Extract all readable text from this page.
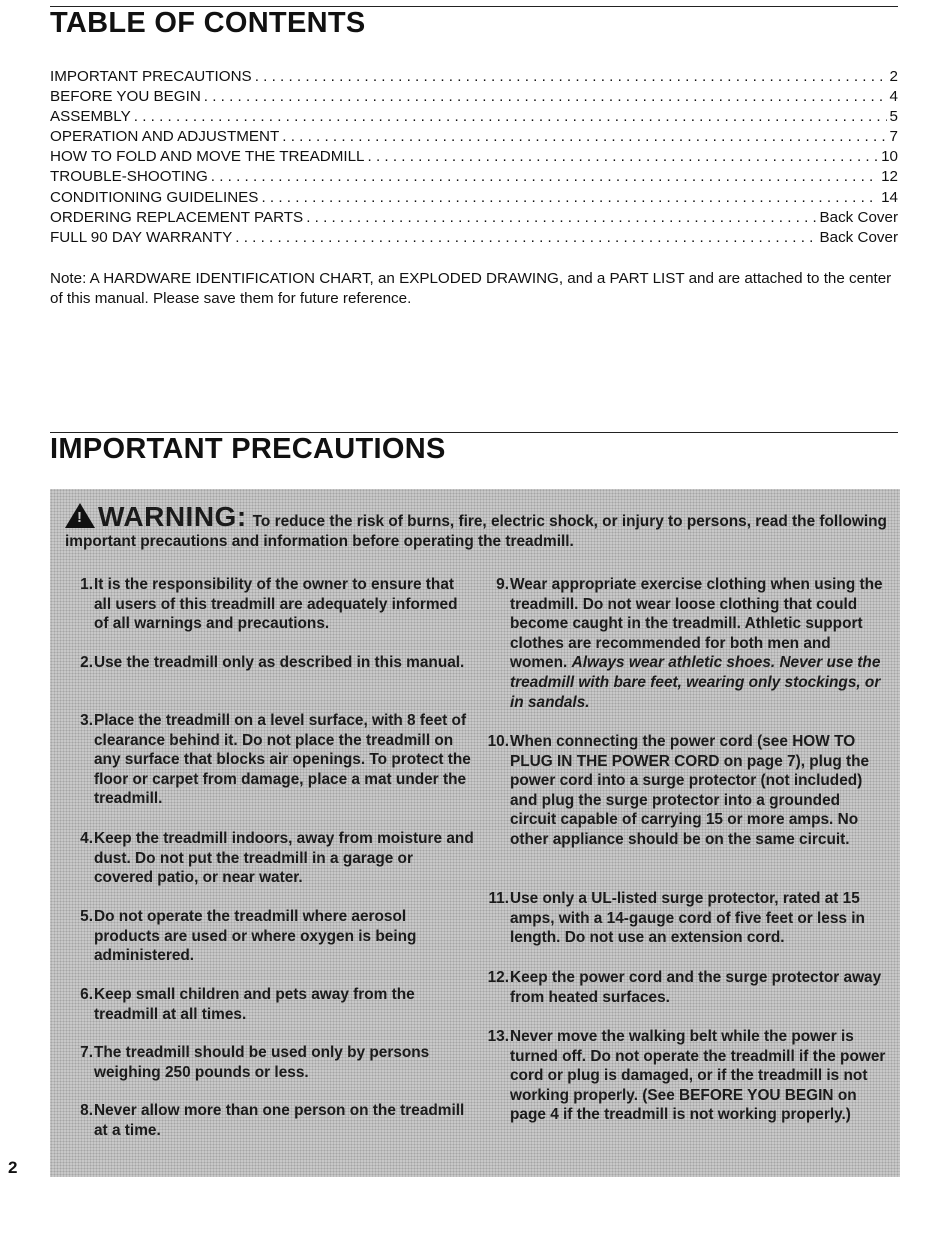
TABLE OF CONTENTS
IMPORTANT PRECAUTIONS . . .	2
BEFORE YOU BEGIN . . .	4
ASSEMBLY . . .	5
OPERATION AND ADJUSTMENT . . .	7
HOW TO FOLD AND MOVE THE TREADMILL . . .	10
TROUBLE-SHOOTING . . .	12
CONDITIONING GUIDELINES . . .	14
ORDERING REPLACEMENT PARTS . . .	Back Cover
FULL 90 DAY WARRANTY . . .	Back Cover
Note: A HARDWARE IDENTIFICATION CHART, an EXPLODED DRAWING, and a PART LIST and are attached to the center of this manual. Please save them for future reference.
IMPORTANT PRECAUTIONS
! WARNING: To reduce the risk of burns, fire, electric shock, or injury to persons, read the following important precautions and information before operating the treadmill.
1. It is the responsibility of the owner to ensure that all users of this treadmill are adequately informed of all warnings and precautions.
2. Use the treadmill only as described in this manual.
3. Place the treadmill on a level surface, with 8 feet of clearance behind it. Do not place the treadmill on any surface that blocks air openings. To protect the floor or carpet from damage, place a mat under the treadmill.
4. Keep the treadmill indoors, away from moisture and dust. Do not put the treadmill in a garage or covered patio, or near water.
5. Do not operate the treadmill where aerosol products are used or where oxygen is being administered.
6. Keep small children and pets away from the treadmill at all times.
7. The treadmill should be used only by persons weighing 250 pounds or less.
8. Never allow more than one person on the treadmill at a time.
9. Wear appropriate exercise clothing when using the treadmill. Do not wear loose clothing that could become caught in the treadmill. Athletic support clothes are recommended for both men and women. Always wear athletic shoes. Never use the treadmill with bare feet, wearing only stockings, or in sandals.
10. When connecting the power cord (see HOW TO PLUG IN THE POWER CORD on page 7), plug the power cord into a surge protector (not included) and plug the surge protector into a grounded circuit capable of carrying 15 or more amps. No other appliance should be on the same circuit.
11. Use only a UL-listed surge protector, rated at 15 amps, with a 14-gauge cord of five feet or less in length. Do not use an extension cord.
12. Keep the power cord and the surge protector away from heated surfaces.
13. Never move the walking belt while the power is turned off. Do not operate the treadmill if the power cord or plug is damaged, or if the treadmill is not working properly. (See BEFORE YOU BEGIN on page 4 if the treadmill is not working properly.)
2
